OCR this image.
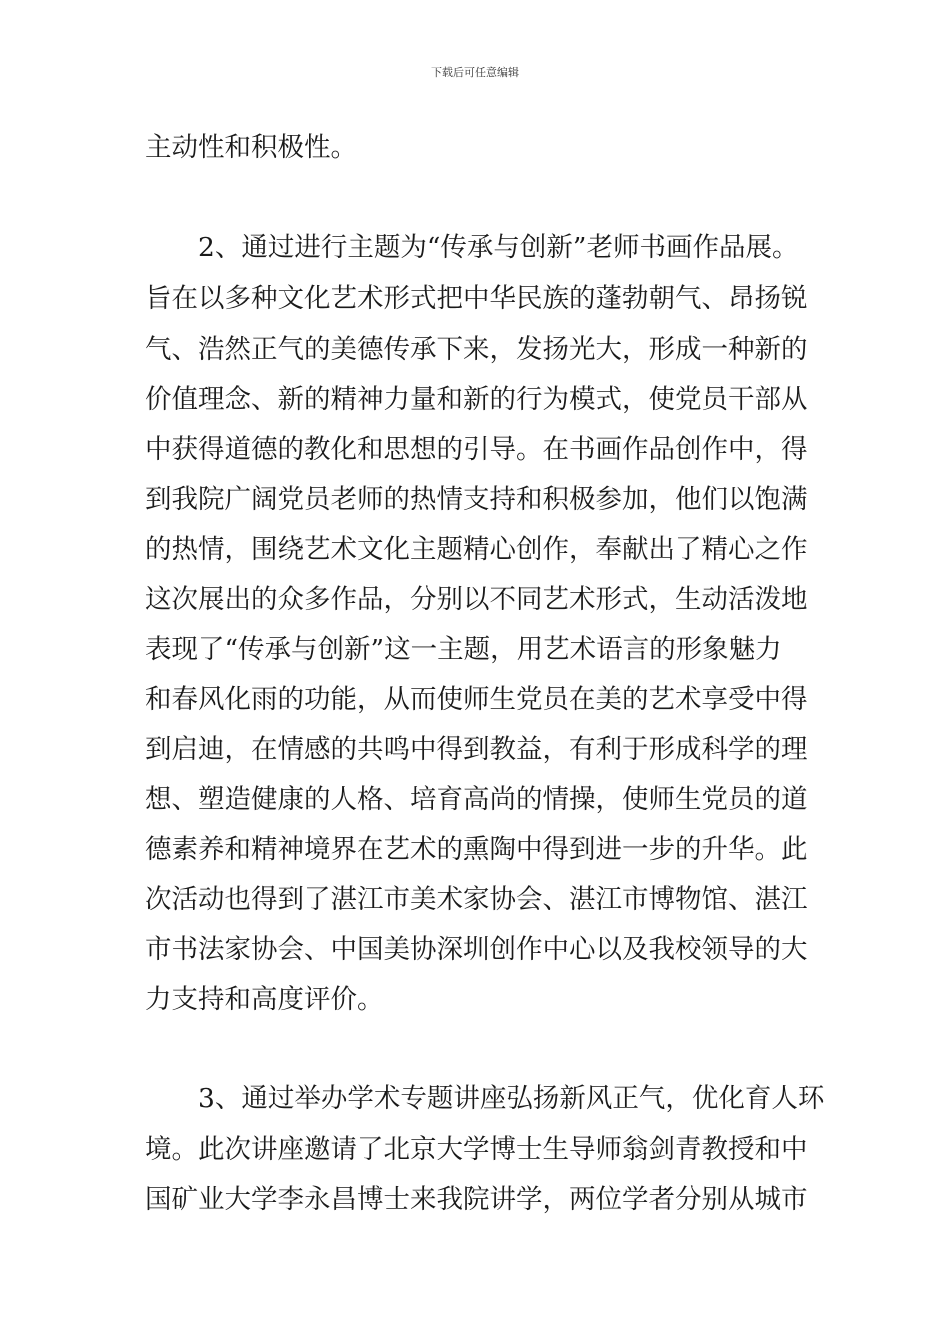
下载后可任意编辑
主动性和积极性。
　　2、通过进行主题为“传承与创新”老师书画作品展。
旨在以多种文化艺术形式把中华民族的蓬勃朝气、昂扬锐
气、浩然正气的美德传承下来，发扬光大，形成一种新的
价值理念、新的精神力量和新的行为模式，使党员干部从
中获得道德的教化和思想的引导。在书画作品创作中，得
到我院广阔党员老师的热情支持和积极参加，他们以饱满
的热情，围绕艺术文化主题精心创作，奉献出了精心之作
这次展出的众多作品，分别以不同艺术形式，生动活泼地
表现了“传承与创新”这一主题，用艺术语言的形象魅力
和春风化雨的功能，从而使师生党员在美的艺术享受中得
到启迪，在情感的共鸣中得到教益，有利于形成科学的理
想、塑造健康的人格、培育高尚的情操，使师生党员的道
德素养和精神境界在艺术的熏陶中得到进一步的升华。此
次活动也得到了湛江市美术家协会、湛江市博物馆、湛江
市书法家协会、中国美协深圳创作中心以及我校领导的大
力支持和高度评价。
　　3、通过举办学术专题讲座弘扬新风正气，优化育人环
境。此次讲座邀请了北京大学博士生导师翁剑青教授和中
国矿业大学李永昌博士来我院讲学，两位学者分别从城市
